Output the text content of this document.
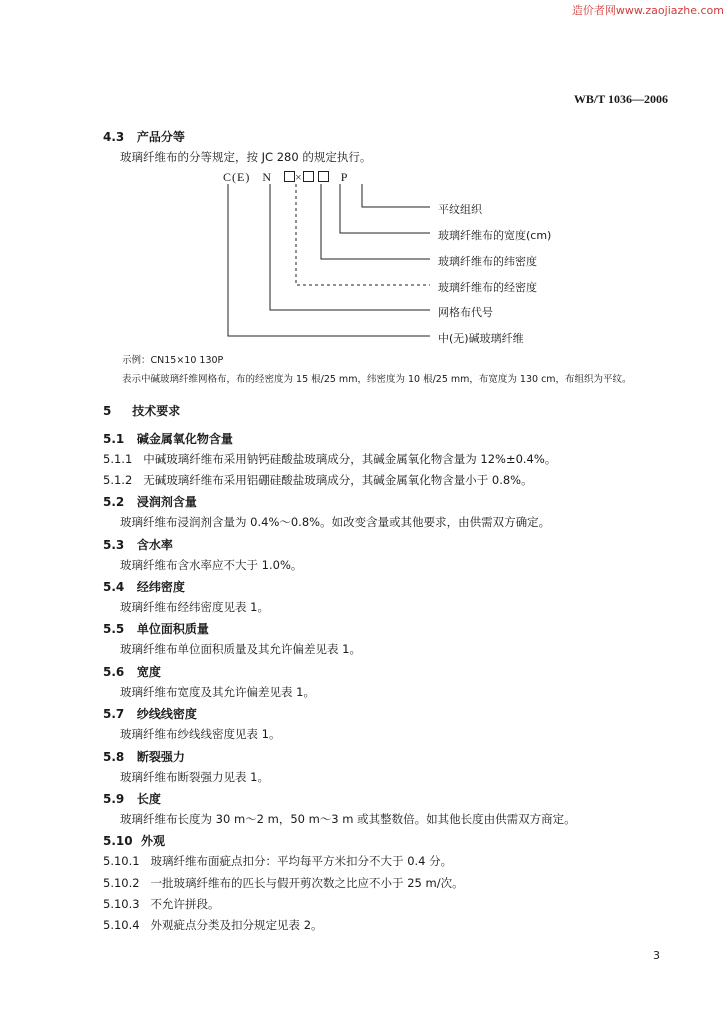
造价者网www.zaojiazhe.com
WB/T 1036—2006
4.3 产品分等
玻璃纤维布的分等规定，按 JC 280 的规定执行。
C(E) N ×	P
平纹组织
玻璃纤维布的宽度(cm)
玻璃纤维布的纬密度
玻璃纤维布的经密度
网格布代号
中(无)碱玻璃纤维
示例：CN15×10 130P
表示中碱玻璃纤维网格布，布的经密度为 15 根/25 mm，纬密度为 10 根/25 mm，布宽度为 130 cm，布组织为平纹。
5 技术要求
5.1 碱金属氧化物含量
5.1.1 中碱玻璃纤维布采用钠钙硅酸盐玻璃成分，其碱金属氧化物含量为 12%±0.4%。
5.1.2 无碱玻璃纤维布采用铝硼硅酸盐玻璃成分，其碱金属氧化物含量小于 0.8%。
5.2 浸润剂含量
玻璃纤维布浸润剂含量为 0.4%～0.8%。如改变含量或其他要求，由供需双方确定。
5.3 含水率
玻璃纤维布含水率应不大于 1.0%。
5.4 经纬密度
玻璃纤维布经纬密度见表 1。
5.5 单位面积质量
玻璃纤维布单位面积质量及其允许偏差见表 1。
5.6 宽度
玻璃纤维布宽度及其允许偏差见表 1。
5.7 纱线线密度
玻璃纤维布纱线线密度见表 1。
5.8 断裂强力
玻璃纤维布断裂强力见表 1。
5.9 长度
玻璃纤维布长度为 30 m～2 m，50 m～3 m 或其整数倍。如其他长度由供需双方商定。
5.10 外观
5.10.1 玻璃纤维布面疵点扣分：平均每平方米扣分不大于 0.4 分。
5.10.2 一批玻璃纤维布的匹长与假开剪次数之比应不小于 25 m/次。
5.10.3 不允许拼段。
5.10.4 外观疵点分类及扣分规定见表 2。
3
